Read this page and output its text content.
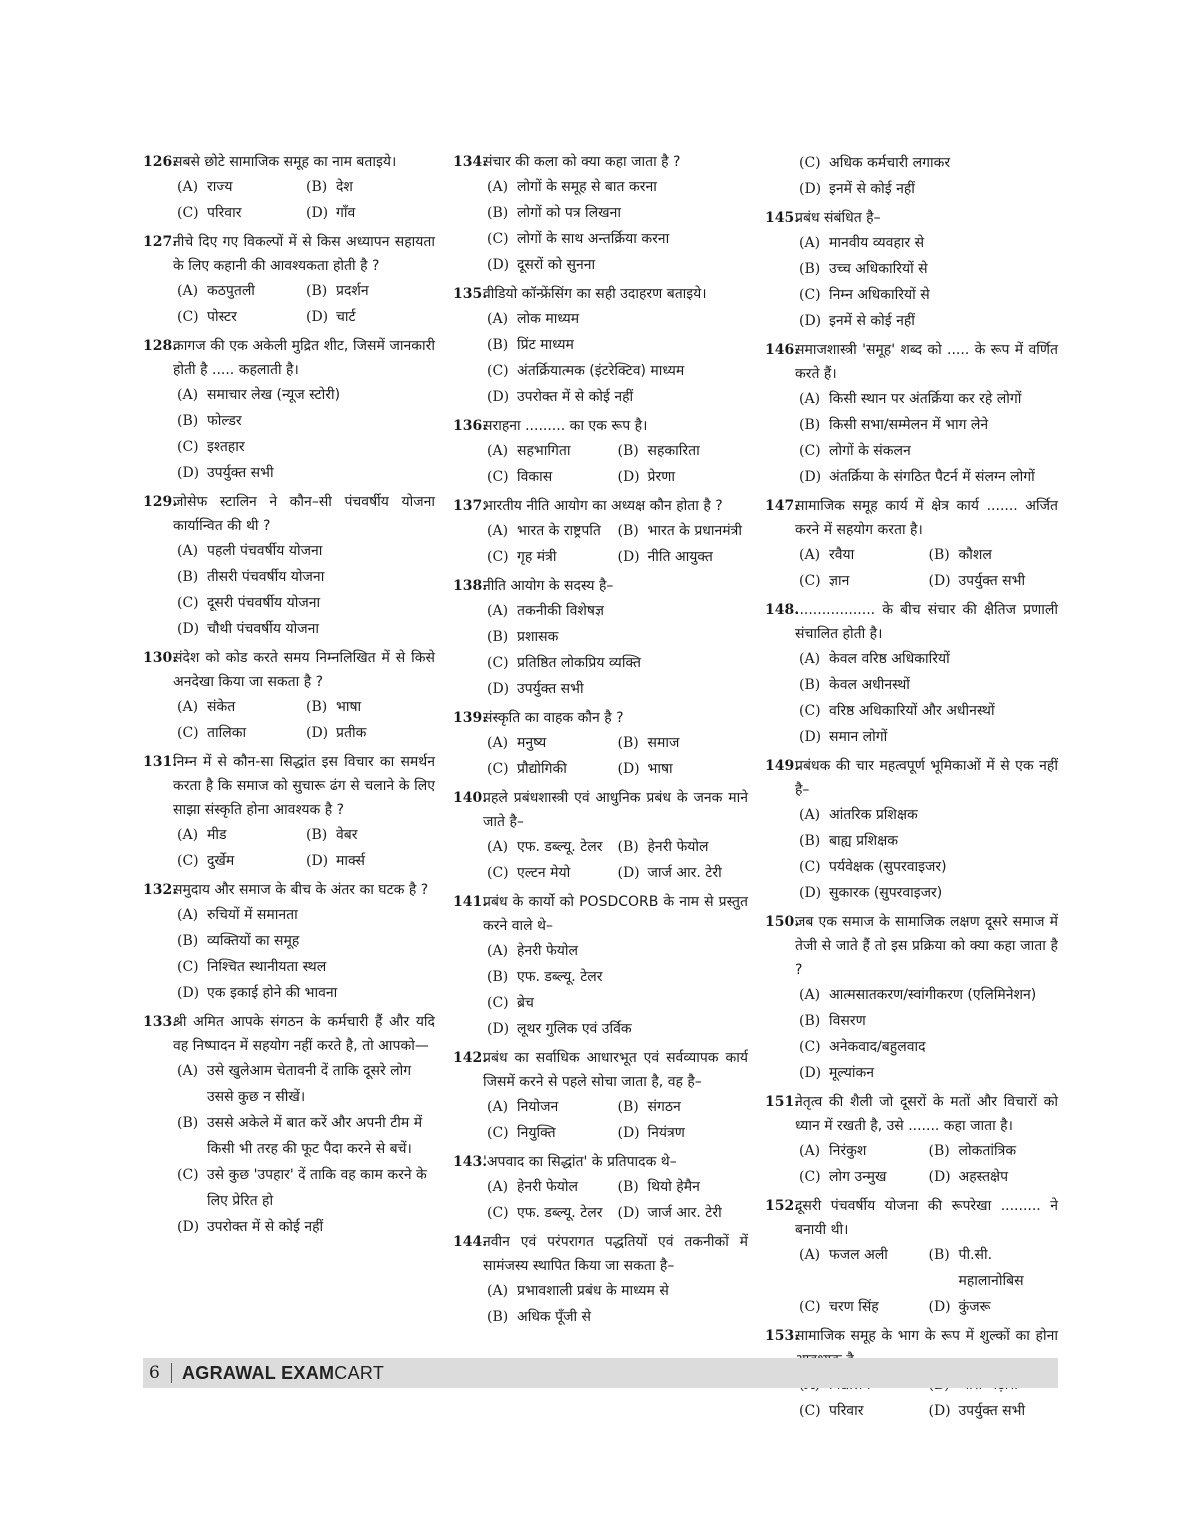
126.
सबसे छोटे सामाजिक समूह का नाम बताइये।
(A) राज्य	(B) देश
(C) परिवार	(D) गाँव
127.
नीचे दिए गए विकल्पों में से किस अध्यापन सहायता के लिए कहानी की आवश्यकता होती है ?
(A) कठपुतली	(B) प्रदर्शन
(C) पोस्टर	(D) चार्ट
128.
कागज की एक अकेली मुद्रित शीट, जिसमें जानकारी होती है ..... कहलाती है।
(A) समाचार लेख (न्यूज स्टोरी)
(B) फोल्डर
(C) इश्तहार
(D) उपर्युक्त सभी
129.
जोसेफ स्टालिन ने कौन–सी पंचवर्षीय योजना कार्यान्वित की थी ?
(A) पहली पंचवर्षीय योजना
(B) तीसरी पंचवर्षीय योजना
(C) दूसरी पंचवर्षीय योजना
(D) चौथी पंचवर्षीय योजना
130.
संदेश को कोड करते समय निम्नलिखित में से किसे अनदेखा किया जा सकता है ?
(A) संकेत	(B) भाषा
(C) तालिका	(D) प्रतीक
131.
निम्न में से कौन-सा सिद्धांत इस विचार का समर्थन करता है कि समाज को सुचारू ढंग से चलाने के लिए साझा संस्कृति होना आवश्यक है ?
(A) मीड	(B) वेबर
(C) दुर्खेम	(D) मार्क्स
132.
समुदाय और समाज के बीच के अंतर का घटक है ?
(A) रुचियों में समानता
(B) व्यक्तियों का समूह
(C) निश्चित स्थानीयता स्थल
(D) एक इकाई होने की भावना
133.
श्री अमित आपके संगठन के कर्मचारी हैं और यदि वह निष्पादन में सहयोग नहीं करते है, तो आपको—
(A) उसे खुलेआम चेतावनी दें ताकि दूसरे लोग उससे कुछ न सीखें।
(B) उससे अकेले में बात करें और अपनी टीम में किसी भी तरह की फूट पैदा करने से बचें।
(C) उसे कुछ 'उपहार' दें ताकि वह काम करने के लिए प्रेरित हो
(D) उपरोक्त में से कोई नहीं
134.
संचार की कला को क्या कहा जाता है ?
(A) लोगों के समूह से बात करना
(B) लोगों को पत्र लिखना
(C) लोगों के साथ अन्तर्क्रिया करना
(D) दूसरों को सुनना
135.
वीडियो कॉन्फ्रेंसिंग का सही उदाहरण बताइये।
(A) लोक माध्यम
(B) प्रिंट माध्यम
(C) अंतर्क्रियात्मक (इंटरेक्टिव) माध्यम
(D) उपरोक्त में से कोई नहीं
136.
सराहना ......... का एक रूप है।
(A) सहभागिता	(B) सहकारिता
(C) विकास	(D) प्रेरणा
137.
भारतीय नीति आयोग का अध्यक्ष कौन होता है ?
(A) भारत के राष्ट्रपति	(B) भारत के प्रधानमंत्री
(C) गृह मंत्री	(D) नीति आयुक्त
138.
नीति आयोग के सदस्य है–
(A) तकनीकी विशेषज्ञ
(B) प्रशासक
(C) प्रतिष्ठित लोकप्रिय व्यक्ति
(D) उपर्युक्त सभी
139.
संस्कृति का वाहक कौन है ?
(A) मनुष्य	(B) समाज
(C) प्रौद्योगिकी	(D) भाषा
140.
पहले प्रबंधशास्त्री एवं आधुनिक प्रबंध के जनक माने जाते है–
(A) एफ. डब्ल्यू. टेलर	(B) हेनरी फेयोल
(C) एल्टन मेयो	(D) जार्ज आर. टेरी
141.
प्रबंध के कार्यो को POSDCORB के नाम से प्रस्तुत करने वाले थे–
(A) हेनरी फेयोल
(B) एफ. डब्ल्यू. टेलर
(C) ब्रेच
(D) लूथर गुलिक एवं उर्विक
142.
प्रबंध का सर्वाधिक आधारभूत एवं सर्वव्यापक कार्य जिसमें करने से पहले सोचा जाता है, वह है–
(A) नियोजन	(B) संगठन
(C) नियुक्ति	(D) नियंत्रण
143.
'अपवाद का सिद्धांत' के प्रतिपादक थे–
(A) हेनरी फेयोल	(B) थियो हेमैन
(C) एफ. डब्ल्यू. टेलर	(D) जार्ज आर. टेरी
144.
नवीन एवं परंपरागत पद्धतियों एवं तकनीकों में सामंजस्य स्थापित किया जा सकता है–
(A) प्रभावशाली प्रबंध के माध्यम से
(B) अधिक पूँजी से
(C) अधिक कर्मचारी लगाकर
(D) इनमें से कोई नहीं
145.
प्रबंध संबंधित है–
(A) मानवीय व्यवहार से
(B) उच्च अधिकारियों से
(C) निम्न अधिकारियों से
(D) इनमें से कोई नहीं
146.
समाजशास्त्री 'समूह' शब्द को ..... के रूप में वर्णित करते हैं।
(A) किसी स्थान पर अंतर्क्रिया कर रहे लोगों
(B) किसी सभा/सम्मेलन में भाग लेने
(C) लोगों के संकलन
(D) अंतर्क्रिया के संगठित पैटर्न में संलग्न लोगों
147.
सामाजिक समूह कार्य में क्षेत्र कार्य ....... अर्जित करने में सहयोग करता है।
(A) रवैया	(B) कौशल
(C) ज्ञान	(D) उपर्युक्त सभी
148.
.................. के बीच संचार की क्षैतिज प्रणाली संचालित होती है।
(A) केवल वरिष्ठ अधिकारियों
(B) केवल अधीनस्थों
(C) वरिष्ठ अधिकारियों और अधीनस्थों
(D) समान लोगों
149.
प्रबंधक की चार महत्वपूर्ण भूमिकाओं में से एक नहीं है–
(A) आंतरिक प्रशिक्षक
(B) बाह्य प्रशिक्षक
(C) पर्यवेक्षक (सुपरवाइजर)
(D) सुकारक (सुपरवाइजर)
150.
जब एक समाज के सामाजिक लक्षण दूसरे समाज में तेजी से जाते हैं तो इस प्रक्रिया को क्या कहा जाता है ?
(A) आत्मसातकरण/स्वांगीकरण (एलिमिनेशन)
(B) विसरण
(C) अनेकवाद/बहुलवाद
(D) मूल्यांकन
151.
नेतृत्व की शैली जो दूसरों के मतों और विचारों को ध्यान में रखती है, उसे ....... कहा जाता है।
(A) निरंकुश	(B) लोकतांत्रिक
(C) लोग उन्मुख	(D) अहस्तक्षेप
152.
दूसरी पंचवर्षीय योजना की रूपरेखा ......... ने बनायी थी।
(A) फजल अली	(B) पी.सी. महालानोबिस
(C) चरण सिंह	(D) कुंजरू
153.
सामाजिक समूह के भाग के रूप में शुल्कों का होना
(C) परिवार	(D) उपर्युक्त सभी
6	AGRAWAL EXAMCART
